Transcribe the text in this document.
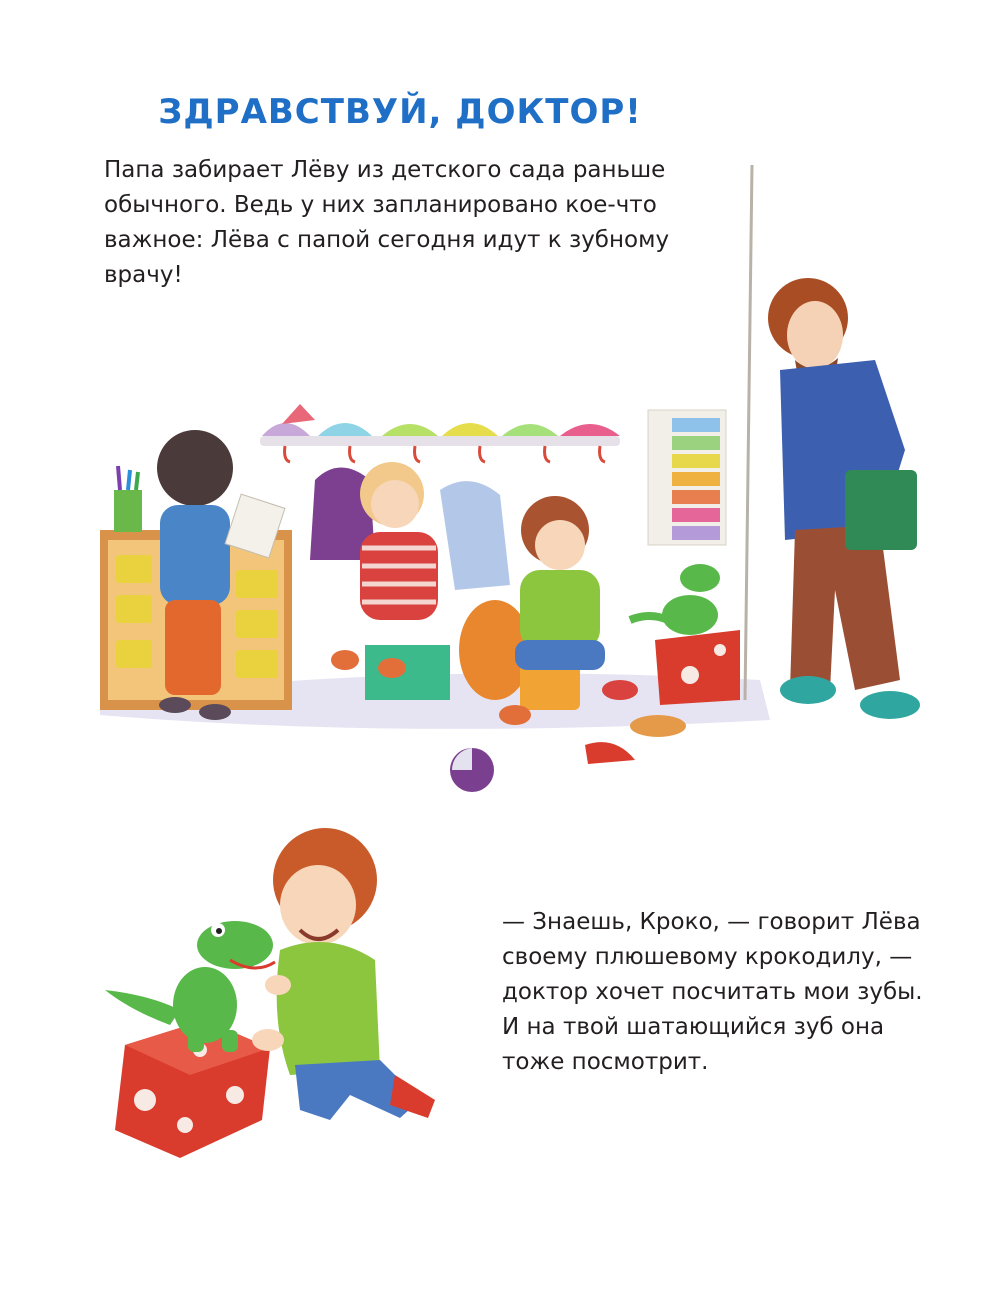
ЗДРАВСТВУЙ, ДОКТОР!

Папа забирает Лёву из детского сада раньше обычного. Ведь у них запланировано кое-что важное: Лёва с папой сегодня идут к зубному врачу!

— Знаешь, Кроко, — говорит Лёва своему плюшевому крокодилу, — доктор хочет посчитать мои зубы. И на твой шатающийся зуб она тоже посмотрит.
